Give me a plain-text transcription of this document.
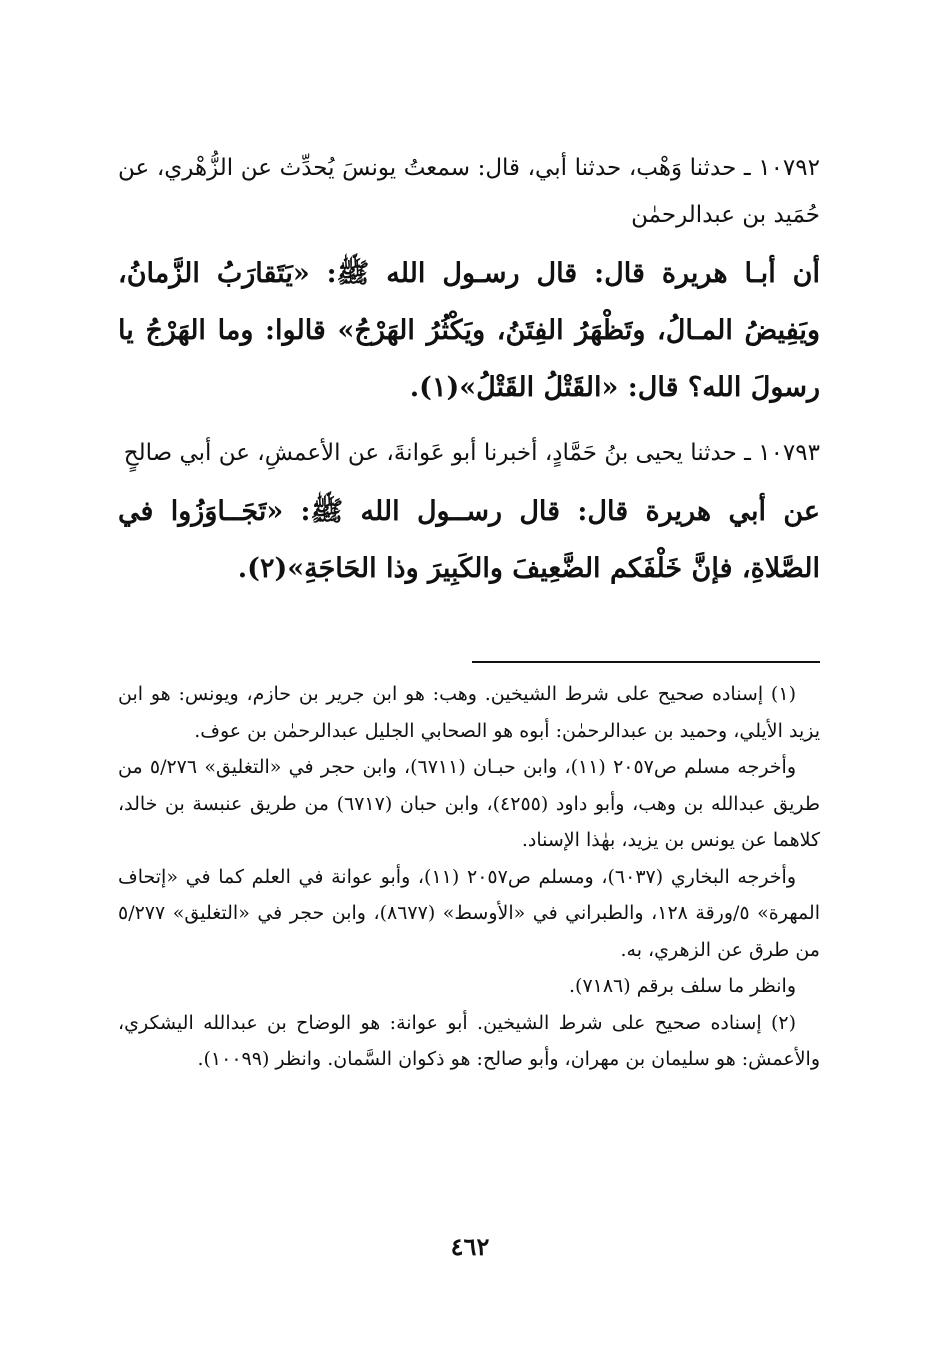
١٠٧٩٢ ـ حدثنا وَهْب، حدثنا أبي، قال: سمعتُ يونسَ يُحدِّث عن الزُّهْري، عن حُمَيد بن عبدالرحمٰن

أن أبـا هريرة قال: قال رسـول الله ﷺ: «يَتَقارَبُ الزَّمانُ، ويَفِيضُ المـالُ، وتَظْهَرُ الفِتَنُ، ويَكْثُرُ الهَرْجُ» قالوا: وما الهَرْجُ يا رسولَ الله؟ قال: «القَتْلُ القَتْلُ»(١).

١٠٧٩٣ ـ حدثنا يحيى بنُ حَمَّادٍ، أخبرنا أبو عَوانةَ، عن الأعمشِ، عن أبي صالحٍ

عن أبي هريرة قال: قال رســول الله ﷺ: «تَجَــاوَزُوا في الصَّلاةِ، فإنَّ خَلْفَكم الضَّعِيفَ والكَبِيرَ وذا الحَاجَةِ»(٢).

(١) إسناده صحيح على شرط الشيخين. وهب: هو ابن جرير بن حازم، ويونس: هو ابن يزيد الأيلي، وحميد بن عبدالرحمٰن: أبوه هو الصحابي الجليل عبدالرحمٰن بن عوف.

وأخرجه مسلم ص٢٠٥٧ (١١)، وابن حبـان (٦٧١١)، وابن حجر في «التغليق» ٥/٢٧٦ من طريق عبدالله بن وهب، وأبو داود (٤٢٥٥)، وابن حبان (٦٧١٧) من طريق عنبسة بن خالد، كلاهما عن يونس بن يزيد، بهٰذا الإسناد.

وأخرجه البخاري (٦٠٣٧)، ومسلم ص٢٠٥٧ (١١)، وأبو عوانة في العلم كما في «إتحاف المهرة» ٥/ورقة ١٢٨، والطبراني في «الأوسط» (٨٦٧٧)، وابن حجر في «التغليق» ٥/٢٧٧ من طرق عن الزهري، به.

وانظر ما سلف برقم (٧١٨٦).

(٢) إسناده صحيح على شرط الشيخين. أبو عوانة: هو الوضاح بن عبدالله اليشكري، والأعمش: هو سليمان بن مهران، وأبو صالح: هو ذكوان السَّمان. وانظر (١٠٠٩٩).

٤٦٢
